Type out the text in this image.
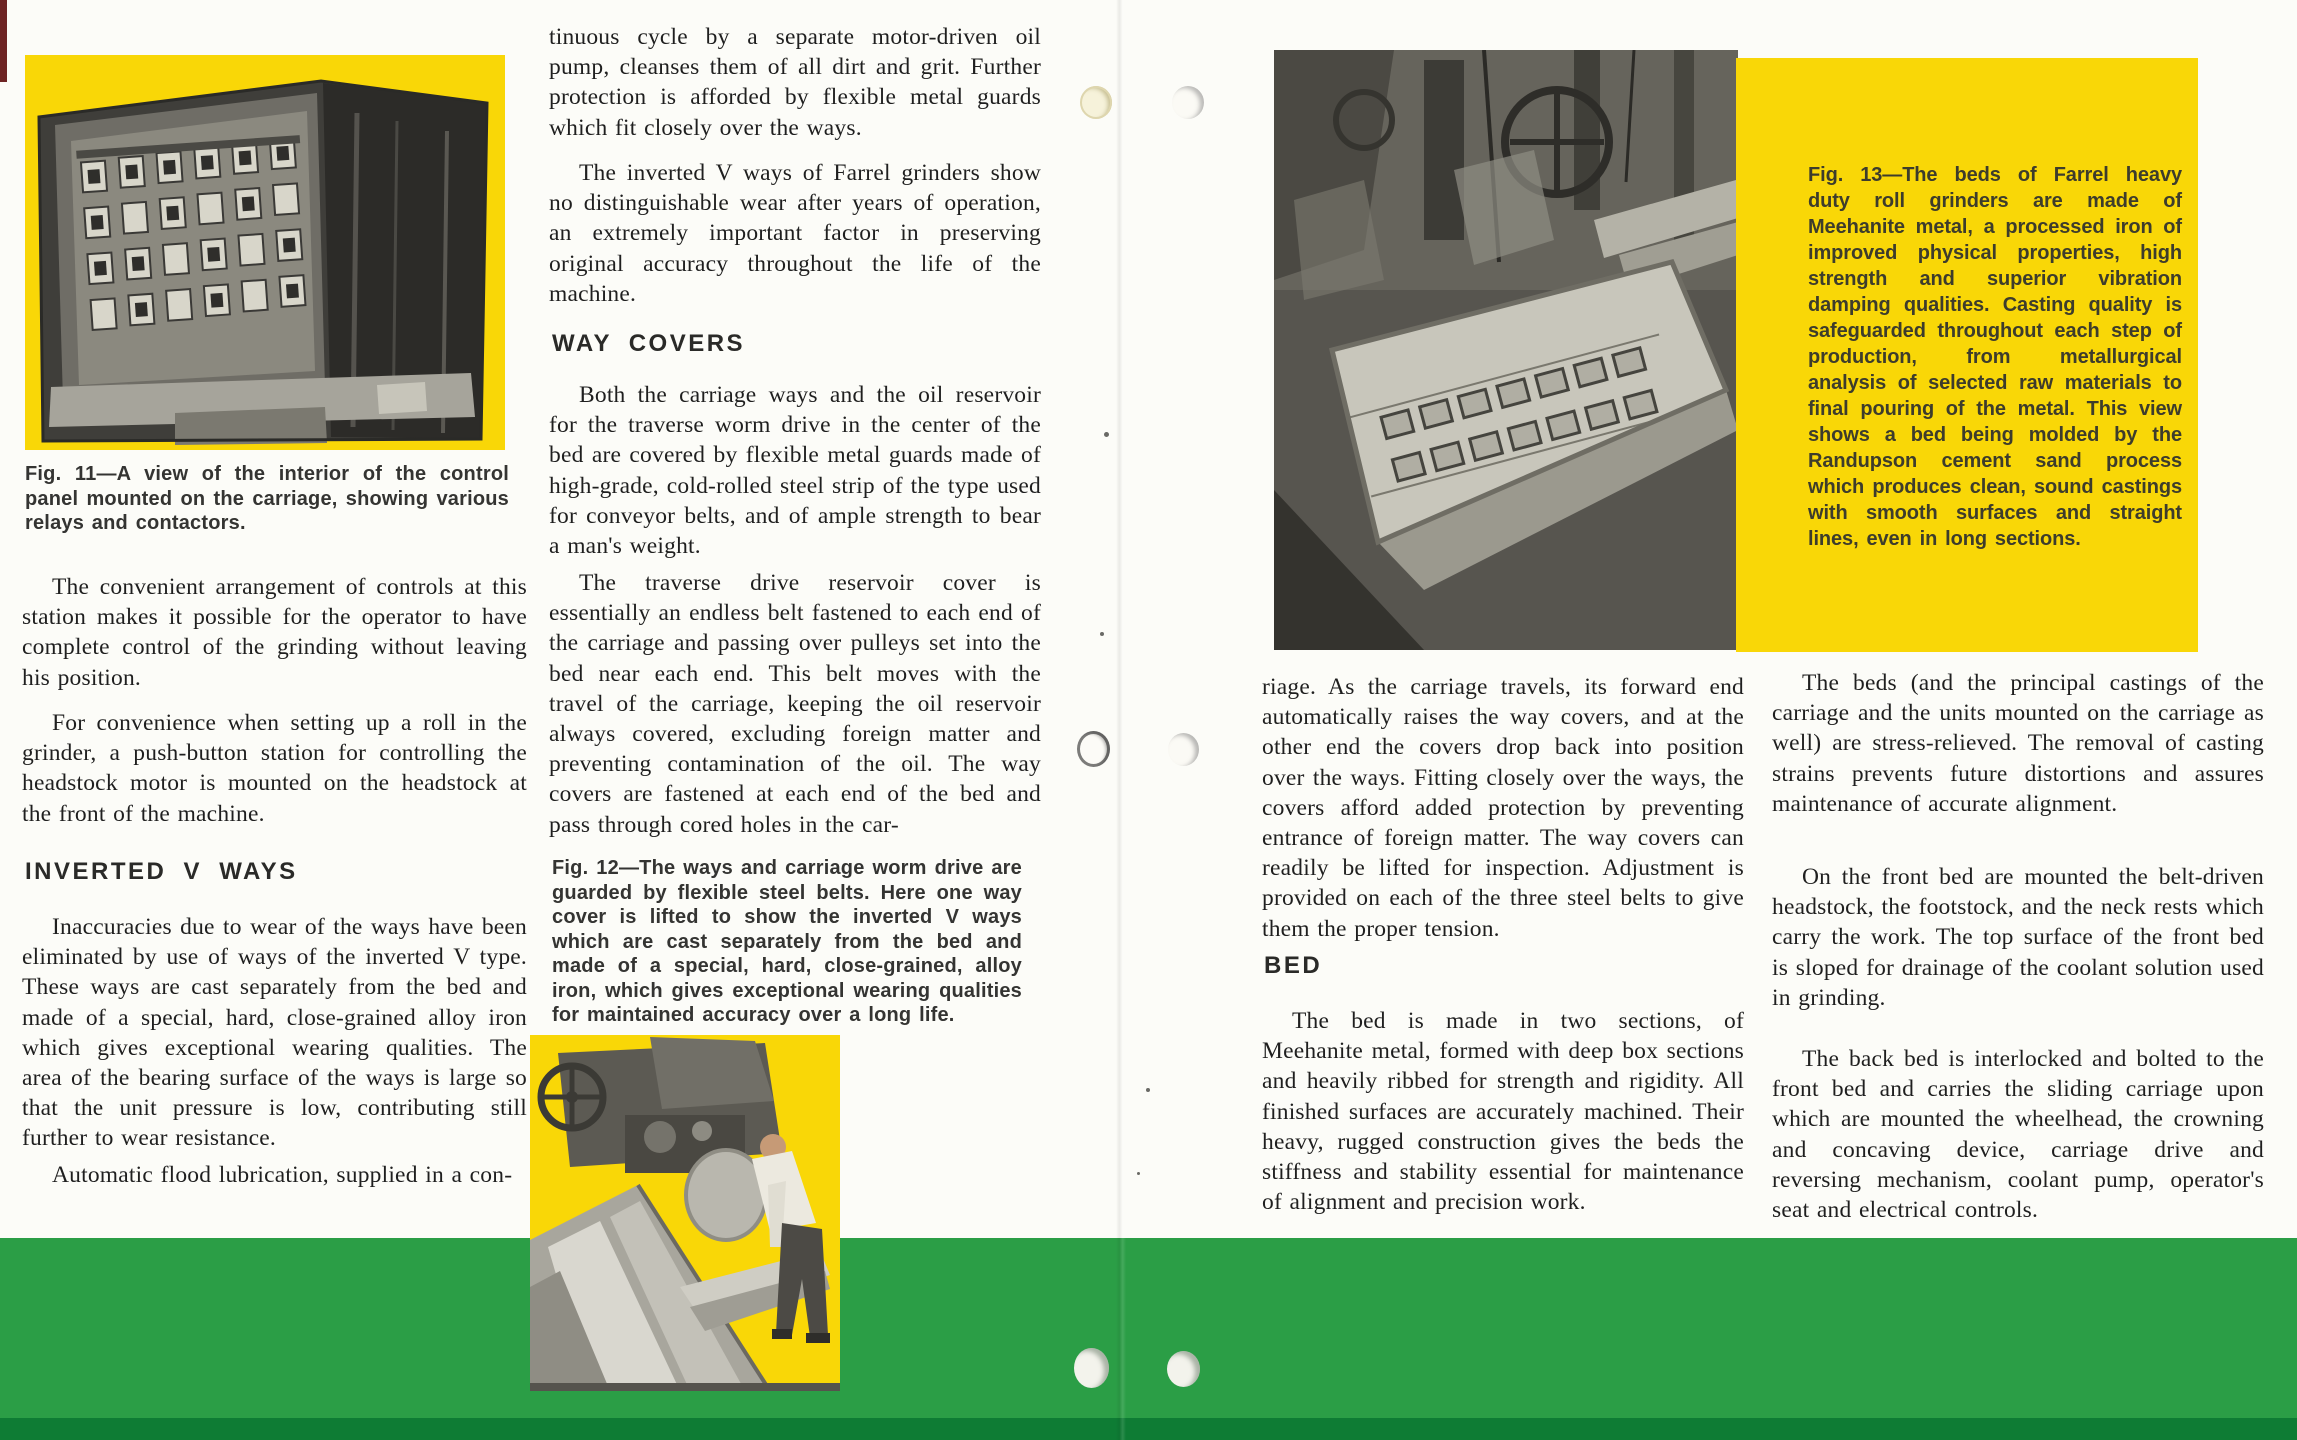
Fig. 11—A view of the interior of the control panel mounted on the carriage, showing various relays and contactors.
The convenient arrangement of controls at this station makes it possible for the operator to have complete control of the grinding without leaving his position.
For convenience when setting up a roll in the grinder, a push-button station for controlling the headstock motor is mounted on the headstock at the front of the machine.
INVERTED V WAYS
Inaccuracies due to wear of the ways have been eliminated by use of ways of the inverted V type. These ways are cast separately from the bed and made of a special, hard, close-grained alloy iron which gives exceptional wearing qualities. The area of the bearing surface of the ways is large so that the unit pressure is low, contributing still further to wear resistance.
Automatic flood lubrication, supplied in a con-
tinuous cycle by a separate motor-driven oil pump, cleanses them of all dirt and grit. Further protection is afforded by flexible metal guards which fit closely over the ways.
The inverted V ways of Farrel grinders show no distinguishable wear after years of operation, an extremely important factor in preserving original accuracy throughout the life of the machine.
WAY COVERS
Both the carriage ways and the oil reservoir for the traverse worm drive in the center of the bed are covered by flexible metal guards made of high-grade, cold-rolled steel strip of the type used for conveyor belts, and of ample strength to bear a man's weight.
The traverse drive reservoir cover is essentially an endless belt fastened to each end of the carriage and passing over pulleys set into the bed near each end. This belt moves with the travel of the carriage, keeping the oil reservoir always covered, excluding foreign matter and preventing contamination of the oil. The way covers are fastened at each end of the bed and pass through cored holes in the car-
Fig. 12—The ways and carriage worm drive are guarded by flexible steel belts. Here one way cover is lifted to show the inverted V ways which are cast separately from the bed and made of a special, hard, close-grained, alloy iron, which gives exceptional wearing qualities for maintained accuracy over a long life.
Fig. 13—The beds of Farrel heavy duty roll grinders are made of Meehanite metal, a processed iron of improved physical properties, high strength and superior vibration damping qualities. Casting quality is safeguarded throughout each step of production, from metallurgical analysis of selected raw materials to final pouring of the metal. This view shows a bed being molded by the Randupson cement sand process which produces clean, sound castings with smooth surfaces and straight lines, even in long sections.
riage. As the carriage travels, its forward end automatically raises the way covers, and at the other end the covers drop back into position over the ways. Fitting closely over the ways, the covers afford added protection by preventing entrance of foreign matter. The way covers can readily be lifted for inspection. Adjustment is provided on each of the three steel belts to give them the proper tension.
BED
The bed is made in two sections, of Meehanite metal, formed with deep box sections and heavily ribbed for strength and rigidity. All finished surfaces are accurately machined. Their heavy, rugged construction gives the beds the stiffness and stability essential for maintenance of alignment and precision work.
The beds (and the principal castings of the carriage and the units mounted on the carriage as well) are stress-relieved. The removal of casting strains prevents future distortions and assures maintenance of accurate alignment.
On the front bed are mounted the belt-driven headstock, the footstock, and the neck rests which carry the work. The top surface of the front bed is sloped for drainage of the coolant solution used in grinding.
The back bed is interlocked and bolted to the front bed and carries the sliding carriage upon which are mounted the wheelhead, the crowning and concaving device, carriage drive and reversing mechanism, coolant pump, operator's seat and electrical controls.
